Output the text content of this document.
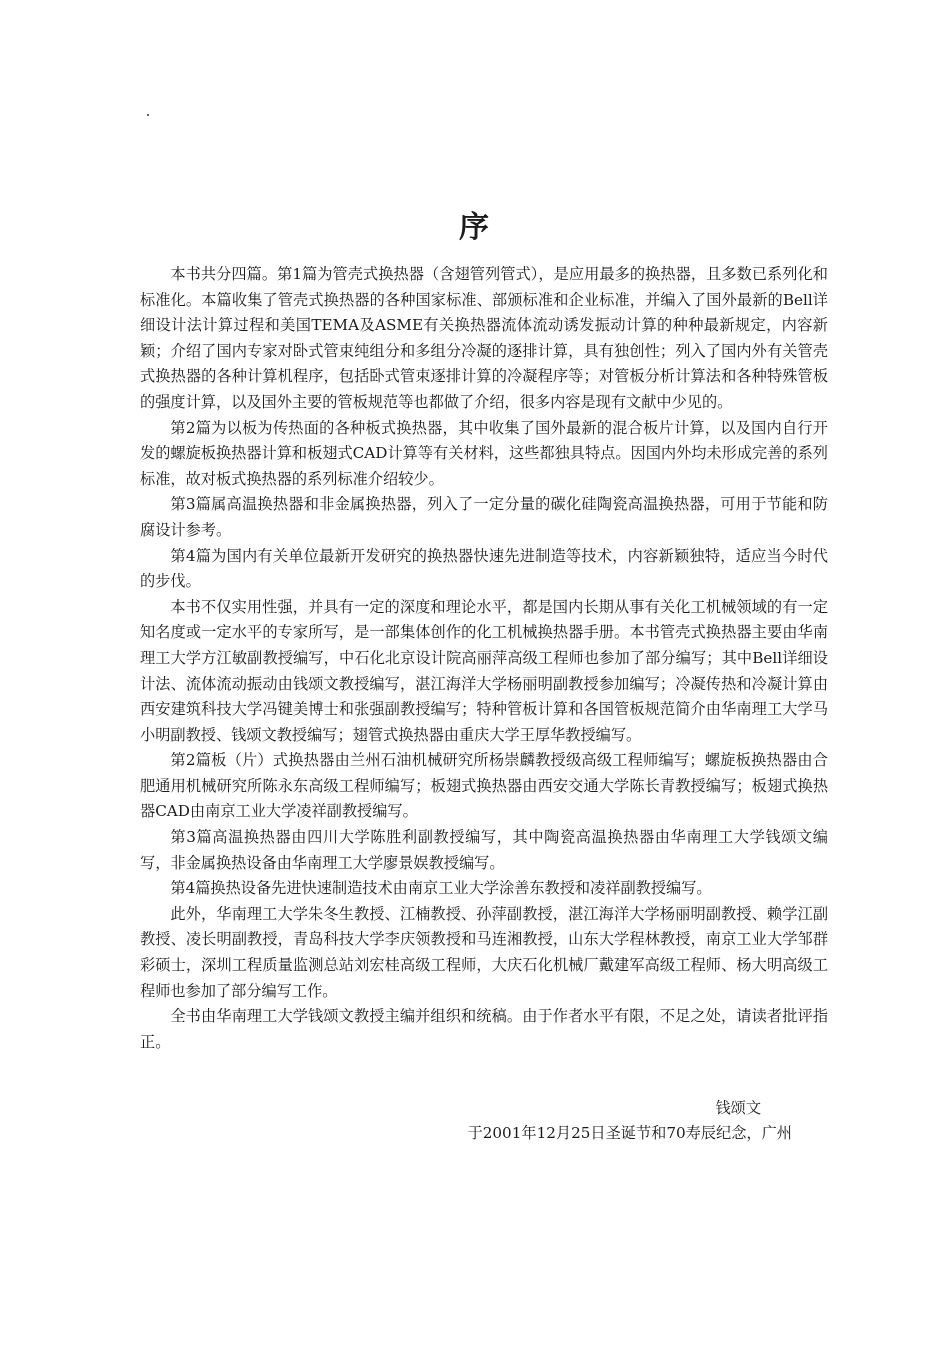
序

本书共分四篇。第1篇为管壳式换热器（含翅管列管式），是应用最多的换热器，且多数已系列化和标准化。本篇收集了管壳式换热器的各种国家标准、部颁标准和企业标准，并编入了国外最新的Bell详细设计法计算过程和美国TEMA及ASME有关换热器流体流动诱发振动计算的种种最新规定，内容新颖；介绍了国内专家对卧式管束纯组分和多组分冷凝的逐排计算，具有独创性；列入了国内外有关管壳式换热器的各种计算机程序，包括卧式管束逐排计算的冷凝程序等；对管板分析计算法和各种特殊管板的强度计算，以及国外主要的管板规范等也都做了介绍，很多内容是现有文献中少见的。

第2篇为以板为传热面的各种板式换热器，其中收集了国外最新的混合板片计算，以及国内自行开发的螺旋板换热器计算和板翅式CAD计算等有关材料，这些都独具特点。因国内外均未形成完善的系列标准，故对板式换热器的系列标准介绍较少。

第3篇属高温换热器和非金属换热器，列入了一定分量的碳化硅陶瓷高温换热器，可用于节能和防腐设计参考。

第4篇为国内有关单位最新开发研究的换热器快速先进制造等技术，内容新颖独特，适应当今时代的步伐。

本书不仅实用性强，并具有一定的深度和理论水平，都是国内长期从事有关化工机械领域的有一定知名度或一定水平的专家所写，是一部集体创作的化工机械换热器手册。本书管壳式换热器主要由华南理工大学方江敏副教授编写，中石化北京设计院高丽萍高级工程师也参加了部分编写；其中Bell详细设计法、流体流动振动由钱颂文教授编写，湛江海洋大学杨丽明副教授参加编写；冷凝传热和冷凝计算由西安建筑科技大学冯键美博士和张强副教授编写；特种管板计算和各国管板规范简介由华南理工大学马小明副教授、钱颂文教授编写；翅管式换热器由重庆大学王厚华教授编写。

第2篇板（片）式换热器由兰州石油机械研究所杨崇麟教授级高级工程师编写；螺旋板换热器由合肥通用机械研究所陈永东高级工程师编写；板翅式换热器由西安交通大学陈长青教授编写；板翅式换热器CAD由南京工业大学凌祥副教授编写。

第3篇高温换热器由四川大学陈胜利副教授编写，其中陶瓷高温换热器由华南理工大学钱颂文编写，非金属换热设备由华南理工大学廖景娱教授编写。

第4篇换热设备先进快速制造技术由南京工业大学涂善东教授和凌祥副教授编写。

此外，华南理工大学朱冬生教授、江楠教授、孙萍副教授，湛江海洋大学杨丽明副教授、赖学江副教授、凌长明副教授，青岛科技大学李庆领教授和马连湘教授，山东大学程林教授，南京工业大学邹群彩硕士，深圳工程质量监测总站刘宏桂高级工程师，大庆石化机械厂戴建军高级工程师、杨大明高级工程师也参加了部分编写工作。

全书由华南理工大学钱颂文教授主编并组织和统稿。由于作者水平有限，不足之处，请读者批评指正。

钱颂文
于2001年12月25日圣诞节和70寿辰纪念，广州
